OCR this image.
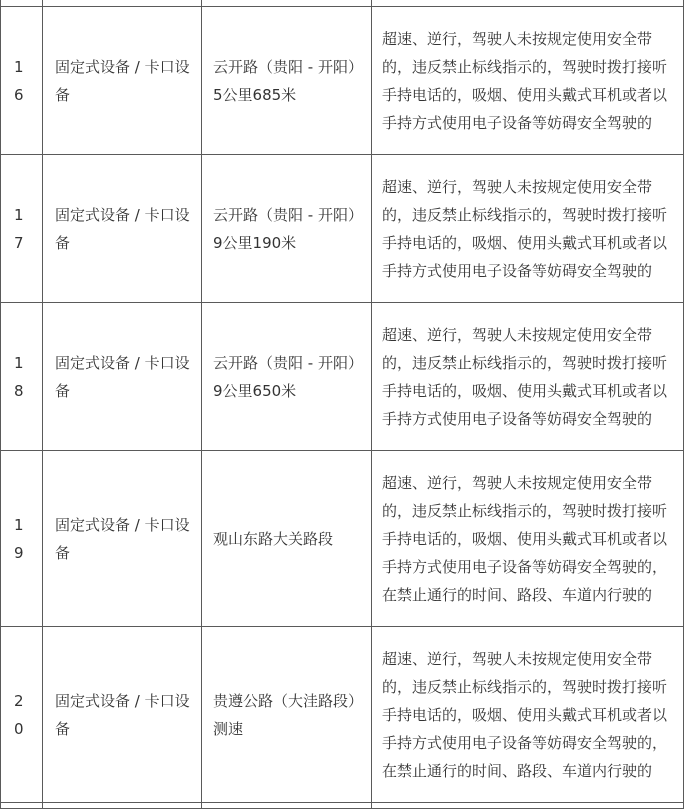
16	固定式设备 / 卡口设备	云开路（贵阳 - 开阳）5公里685米	超速、逆行，驾驶人未按规定使用安全带的，违反禁止标线指示的，驾驶时拨打接听手持电话的，吸烟、使用头戴式耳机或者以手持方式使用电子设备等妨碍安全驾驶的

17	固定式设备 / 卡口设备	云开路（贵阳 - 开阳）9公里190米	超速、逆行，驾驶人未按规定使用安全带的，违反禁止标线指示的，驾驶时拨打接听手持电话的，吸烟、使用头戴式耳机或者以手持方式使用电子设备等妨碍安全驾驶的

18	固定式设备 / 卡口设备	云开路（贵阳 - 开阳）9公里650米	超速、逆行，驾驶人未按规定使用安全带的，违反禁止标线指示的，驾驶时拨打接听手持电话的，吸烟、使用头戴式耳机或者以手持方式使用电子设备等妨碍安全驾驶的

19	固定式设备 / 卡口设备	观山东路大关路段	超速、逆行，驾驶人未按规定使用安全带的，违反禁止标线指示的，驾驶时拨打接听手持电话的，吸烟、使用头戴式耳机或者以手持方式使用电子设备等妨碍安全驾驶的，在禁止通行的时间、路段、车道内行驶的

20	固定式设备 / 卡口设备	贵遵公路（大洼路段）测速	超速、逆行，驾驶人未按规定使用安全带的，违反禁止标线指示的，驾驶时拨打接听手持电话的，吸烟、使用头戴式耳机或者以手持方式使用电子设备等妨碍安全驾驶的，在禁止通行的时间、路段、车道内行驶的
